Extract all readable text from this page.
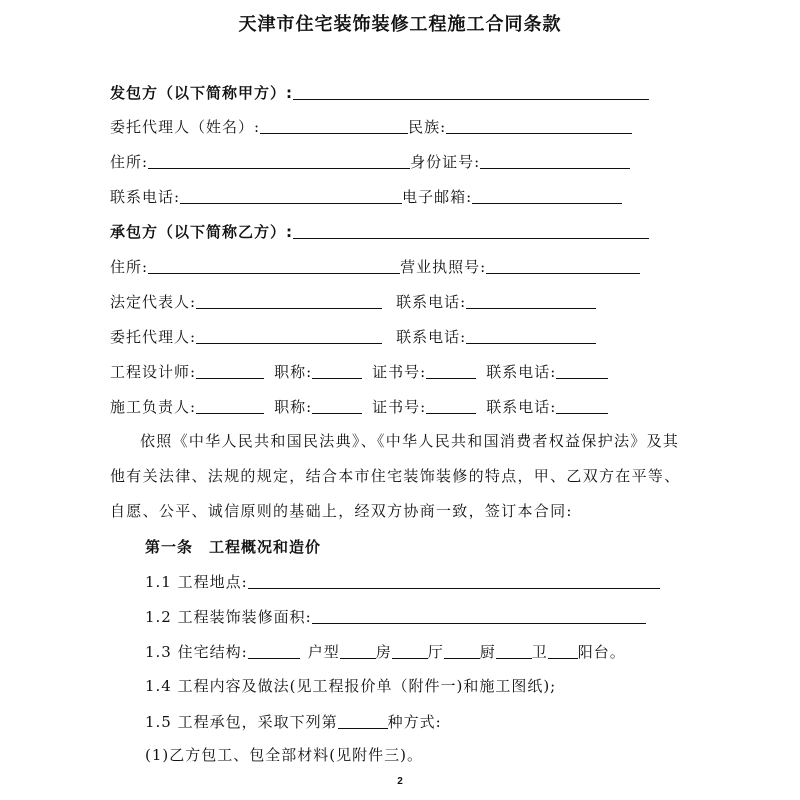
天津市住宅装饰装修工程施工合同条款
发包方（以下简称甲方）:
委托代理人（姓名）:	民族:
住所:	身份证号:
联系电话:	电子邮箱:
承包方（以下简称乙方）:
住所:	营业执照号:
法定代表人:	联系电话:
委托代理人:	联系电话:
工程设计师:	职称:	证书号:	联系电话:
施工负责人:	职称:	证书号:	联系电话:
依照《中华人民共和国民法典》、《中华人民共和国消费者权益保护法》及其他有关法律、法规的规定，结合本市住宅装饰装修的特点，甲、乙双方在平等、自愿、公平、诚信原则的基础上，经双方协商一致，签订本合同:
第一条　工程概况和造价
1.1 工程地点:
1.2 工程装饰装修面积:
1.3 住宅结构:	户型 房 厅 厨 卫 阳台。
1.4 工程内容及做法(见工程报价单（附件一)和施工图纸);
1.5 工程承包，采取下列第	种方式:
(1)乙方包工、包全部材料(见附件三)。
2
